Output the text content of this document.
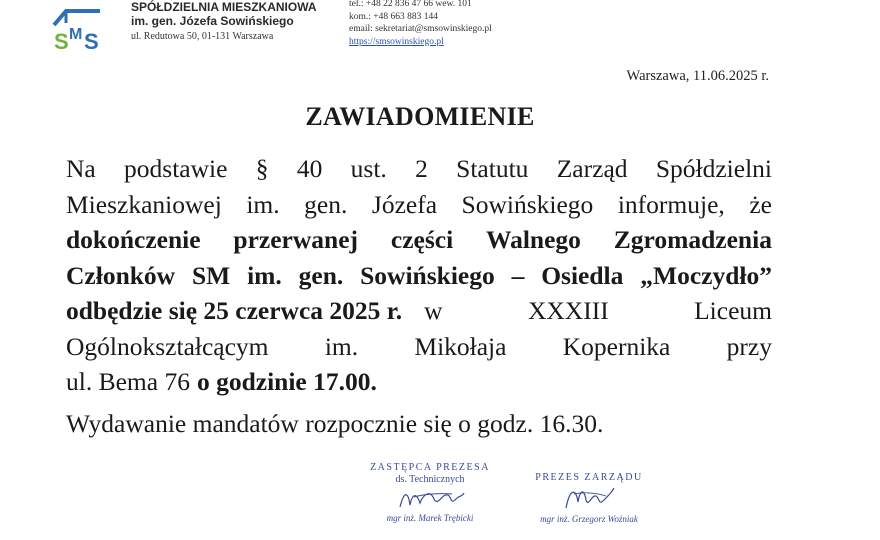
S M S
SPÓŁDZIELNIA MIESZKANIOWA
im. gen. Józefa Sowińskiego
ul. Redutowa 50, 01-131 Warszawa
tel.: +48 22 836 47 66 wew. 101
kom.: +48 663 883 144
email: sekretariat@smsowinskiego.pl
https://smsowinskiego.pl
Warszawa, 11.06.2025 r.
ZAWIADOMIENIE
Na podstawie § 40 ust. 2 Statutu Zarząd Spółdzielni
Mieszkaniowej im. gen. Józefa Sowińskiego informuje, że
dokończenie przerwanej części Walnego Zgromadzenia
Członków SM im. gen. Sowińskiego – Osiedla „Moczydło”
odbędzie się 25 czerwca 2025 r. w	XXXIII	Liceum
Ogólnokształcącym im. Mikołaja Kopernika przy
ul. Bema 76 o godzinie 17.00.
Wydawanie mandatów rozpocznie się o godz. 16.30.
ZASTĘPCA PREZESA
ds. Technicznych
mgr inż. Marek Trębicki
PREZES ZARZĄDU
mgr inż. Grzegorz Woźniak
